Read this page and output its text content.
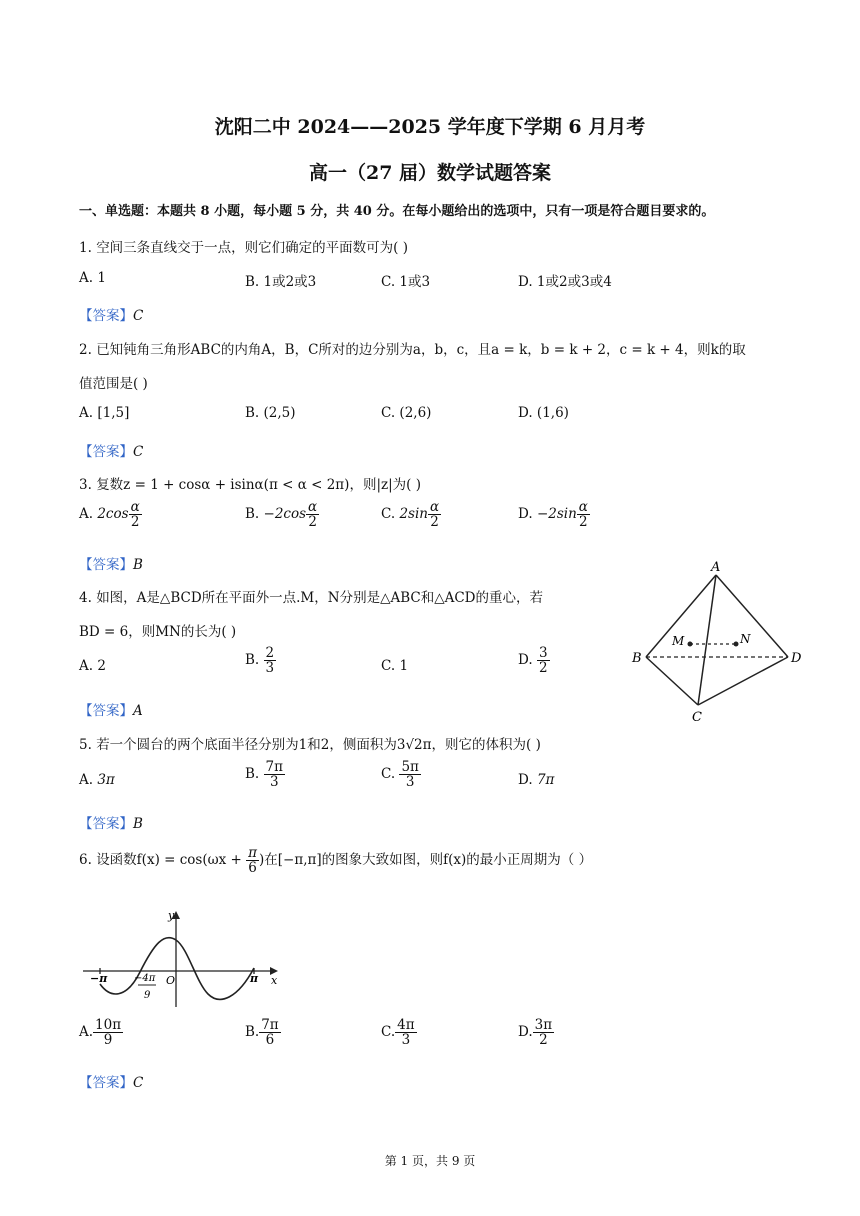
沈阳二中 2024——2025 学年度下学期 6 月月考
高一（27 届）数学试题答案
一、单选题：本题共 8 小题，每小题 5 分，共 40 分。在每小题给出的选项中，只有一项是符合题目要求的。
1. 空间三条直线交于一点，则它们确定的平面数可为( )
A. 1	B. 1或2或3	C. 1或3	D. 1或2或3或4
【答案】C
2. 已知钝角三角形ABC的内角A，B，C所对的边分别为a，b，c，且a = k，b = k + 2，c = k + 4，则k的取
值范围是( )
A. [1,5]	B. (2,5)	C. (2,6)	D. (1,6)
【答案】C
3. 复数z = 1 + cosα + isinα(π < α < 2π)，则|z|为( )
A. $2\cos \frac{\alpha}{2}$	B. $-2\cos \frac{\alpha}{2}$	C. $2\sin \frac{\alpha}{2}$	D. $-2\sin \frac{\alpha}{2}$
【答案】B
4. 如图，A是△BCD所在平面外一点.M，N分别是△ABC和△ACD的重心，若
BD = 6，则MN的长为( )
A. 2	B. $\frac{2}{3}$	C. 1	D. $\frac{3}{2}$
【答案】A
A
B
C
D
M	N
5. 若一个圆台的两个底面半径分别为1和2，侧面积为3√2π，则它的体积为( )
A. 3π	B. $\frac{7\pi}{3}$	C. $\frac{5\pi}{3}$	D. 7π
【答案】B
6. 设函数$f(x) = \cos(\omega x + \frac{\pi}{6}$ )在[−π,π]的图象大致如图，则f(x)的最小正周期为（ ）
y
x
−π	π
O
−4π
9
A. $\frac{10\pi}{9}$	B. $\frac{7\pi}{6}$	C. $\frac{4\pi}{3}$	D. $\frac{3\pi}{2}$
【答案】C
第 1 页，共 9 页
